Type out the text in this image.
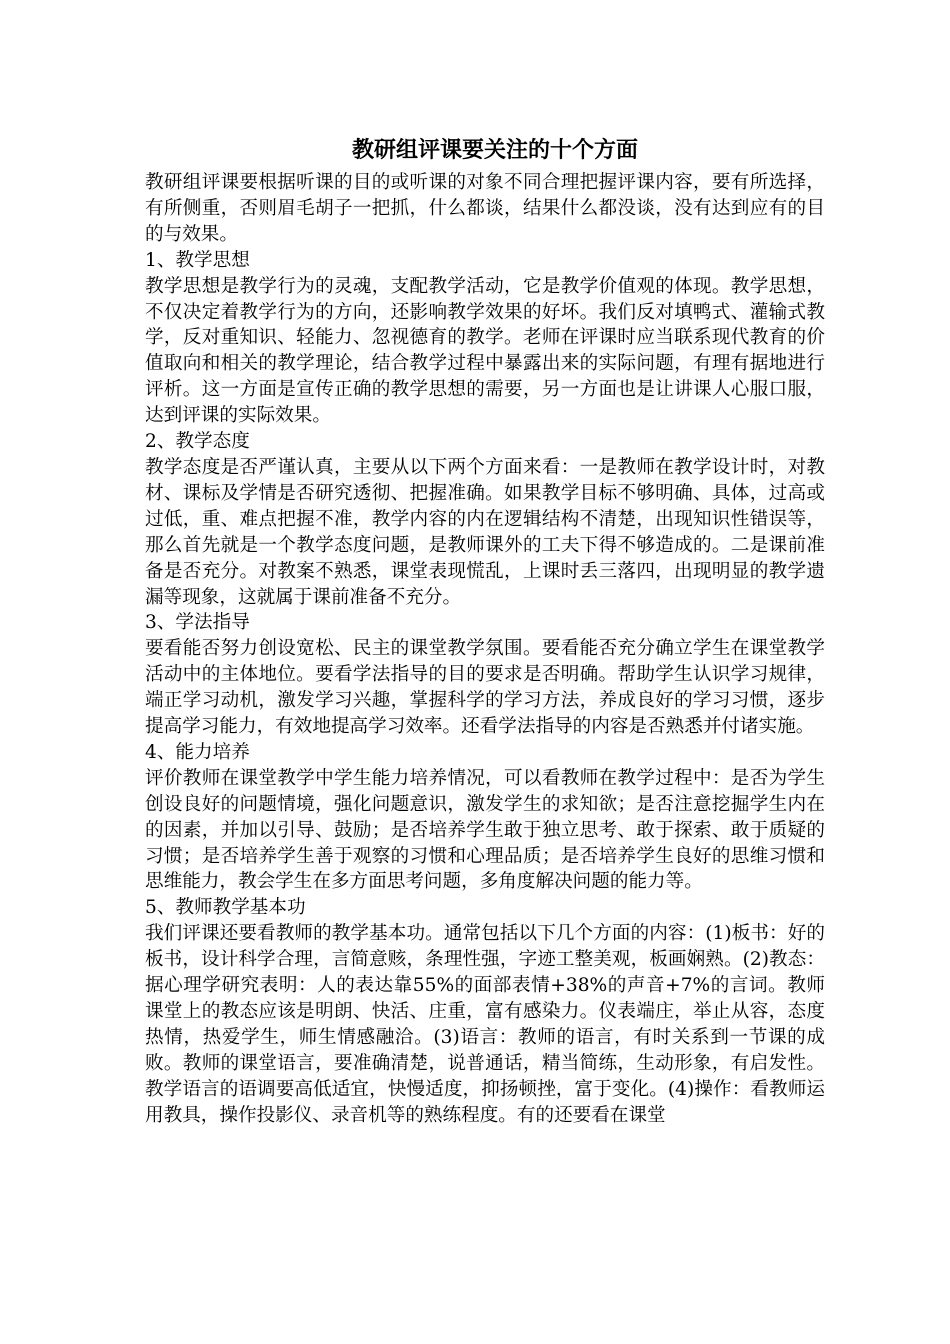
教研组评课要关注的十个方面

教研组评课要根据听课的目的或听课的对象不同合理把握评课内容，要有所选择，有所侧重，否则眉毛胡子一把抓，什么都谈，结果什么都没谈，没有达到应有的目的与效果。

1、教学思想

教学思想是教学行为的灵魂，支配教学活动，它是教学价值观的体现。教学思想，不仅决定着教学行为的方向，还影响教学效果的好坏。我们反对填鸭式、灌输式教学，反对重知识、轻能力、忽视德育的教学。老师在评课时应当联系现代教育的价值取向和相关的教学理论，结合教学过程中暴露出来的实际问题，有理有据地进行评析。这一方面是宣传正确的教学思想的需要，另一方面也是让讲课人心服口服，达到评课的实际效果。

2、教学态度

教学态度是否严谨认真，主要从以下两个方面来看：一是教师在教学设计时，对教材、课标及学情是否研究透彻、把握准确。如果教学目标不够明确、具体，过高或过低，重、难点把握不准，教学内容的内在逻辑结构不清楚，出现知识性错误等，那么首先就是一个教学态度问题，是教师课外的工夫下得不够造成的。二是课前准备是否充分。对教案不熟悉，课堂表现慌乱，上课时丢三落四，出现明显的教学遗漏等现象，这就属于课前准备不充分。

3、学法指导

要看能否努力创设宽松、民主的课堂教学氛围。要看能否充分确立学生在课堂教学活动中的主体地位。要看学法指导的目的要求是否明确。帮助学生认识学习规律，端正学习动机，激发学习兴趣，掌握科学的学习方法，养成良好的学习习惯，逐步提高学习能力，有效地提高学习效率。还看学法指导的内容是否熟悉并付诸实施。

4、能力培养

评价教师在课堂教学中学生能力培养情况，可以看教师在教学过程中：是否为学生创设良好的问题情境，强化问题意识，激发学生的求知欲；是否注意挖掘学生内在的因素，并加以引导、鼓励；是否培养学生敢于独立思考、敢于探索、敢于质疑的习惯；是否培养学生善于观察的习惯和心理品质；是否培养学生良好的思维习惯和思维能力，教会学生在多方面思考问题，多角度解决问题的能力等。

5、教师教学基本功

我们评课还要看教师的教学基本功。通常包括以下几个方面的内容：(1)板书：好的板书，设计科学合理，言简意赅，条理性强，字迹工整美观，板画娴熟。(2)教态：据心理学研究表明：人的表达靠55%的面部表情+38%的声音+7%的言词。教师课堂上的教态应该是明朗、快活、庄重，富有感染力。仪表端庄，举止从容，态度热情，热爱学生，师生情感融洽。(3)语言：教师的语言，有时关系到一节课的成败。教师的课堂语言，要准确清楚，说普通话，精当简练，生动形象，有启发性。教学语言的语调要高低适宜，快慢适度，抑扬顿挫，富于变化。(4)操作：看教师运用教具，操作投影仪、录音机等的熟练程度。有的还要看在课堂
